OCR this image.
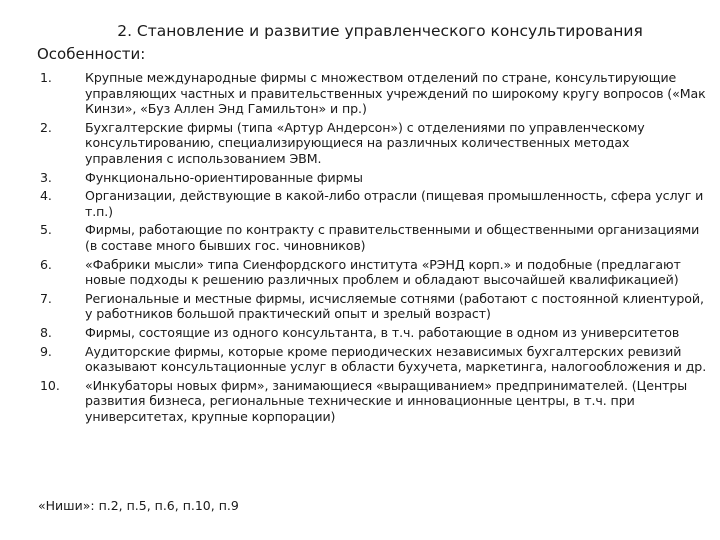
2. Становление и развитие управленческого консультирования
Особенности:
1.	Крупные международные фирмы с множеством отделений по стране, консультирующие управляющих частных и правительственных учреждений по широкому кругу вопросов («Мак Кинзи», «Буз Аллен Энд Гамильтон» и пр.)
2.	Бухгалтерские фирмы (типа «Артур Андерсон») с отделениями по управленческому консультированию, специализирующиеся на различных количественных методах управления с использованием ЭВМ.
3.	Функционально-ориентированные фирмы
4.	Организации, действующие в какой-либо отрасли (пищевая промышленность, сфера услуг и т.п.)
5.	Фирмы, работающие по контракту с правительственными и общественными организациями (в составе много бывших гос. чиновников)
6.	«Фабрики мысли» типа Сиенфордского института «РЭНД корп.» и подобные (предлагают новые подходы к решению различных проблем и обладают высочайшей квалификацией)
7.	Региональные и местные фирмы, исчисляемые сотнями (работают с постоянной клиентурой, у работников большой практический опыт и зрелый возраст)
8.	Фирмы, состоящие из одного консультанта, в т.ч. работающие в одном из университетов
9.	Аудиторские фирмы, которые кроме периодических независимых бухгалтерских ревизий оказывают консультационные услуг в области бухучета, маркетинга, налогообложения и др.
10.	«Инкубаторы новых фирм», занимающиеся «выращиванием» предпринимателей. (Центры развития бизнеса, региональные технические и инновационные центры, в т.ч. при университетах, крупные корпорации)
«Ниши»: п.2, п.5, п.6, п.10, п.9
